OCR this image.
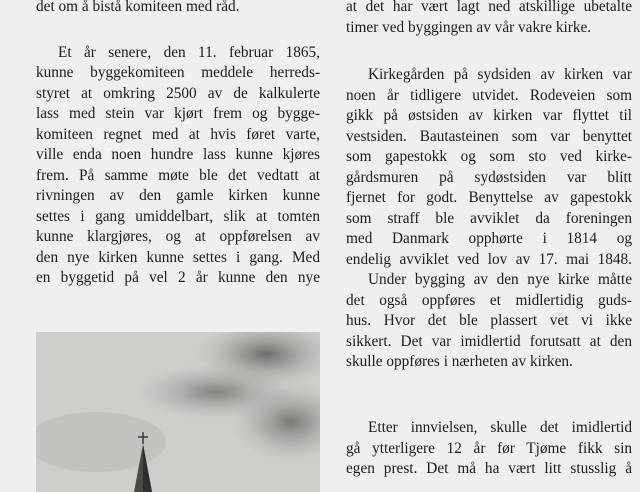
det om å bistå komiteen med råd.
Et år senere, den 11. februar 1865,
kunne byggekomiteen meddele herreds-
styret at omkring 2500 av de kalkulerte
lass med stein var kjørt frem og bygge-
komiteen regnet med at hvis føret varte,
ville enda noen hundre lass kunne kjøres
frem. På samme møte ble det vedtatt at
rivningen av den gamle kirken kunne
settes i gang umiddelbart, slik at tomten
kunne klargjøres, og at oppførelsen av
den nye kirken kunne settes i gang. Med
en byggetid på vel 2 år kunne den nye
at det har vært lagt ned atskillige ubetalte
timer ved byggingen av vår vakre kirke.
Kirkegården på sydsiden av kirken var
noen år tidligere utvidet. Rodeveien som
gikk på østsiden av kirken var flyttet til
vestsiden. Bautasteinen som var benyttet
som gapestokk og som sto ved kirke-
gårdsmuren på sydøstsiden var blitt
fjernet for godt. Benyttelse av gapestokk
som straff ble avviklet da foreningen
med Danmark opphørte i 1814 og
endelig avviklet ved lov av 17. mai 1848.
Under bygging av den nye kirke måtte
det også oppføres et midlertidig guds-
hus. Hvor det ble plassert vet vi ikke
sikkert. Det var imidlertid forutsatt at den
skulle oppføres i nærheten av kirken.
Etter innvielsen, skulle det imidlertid
gå ytterligere 12 år før Tjøme fikk sin
egen prest. Det må ha vært litt stusslig å
